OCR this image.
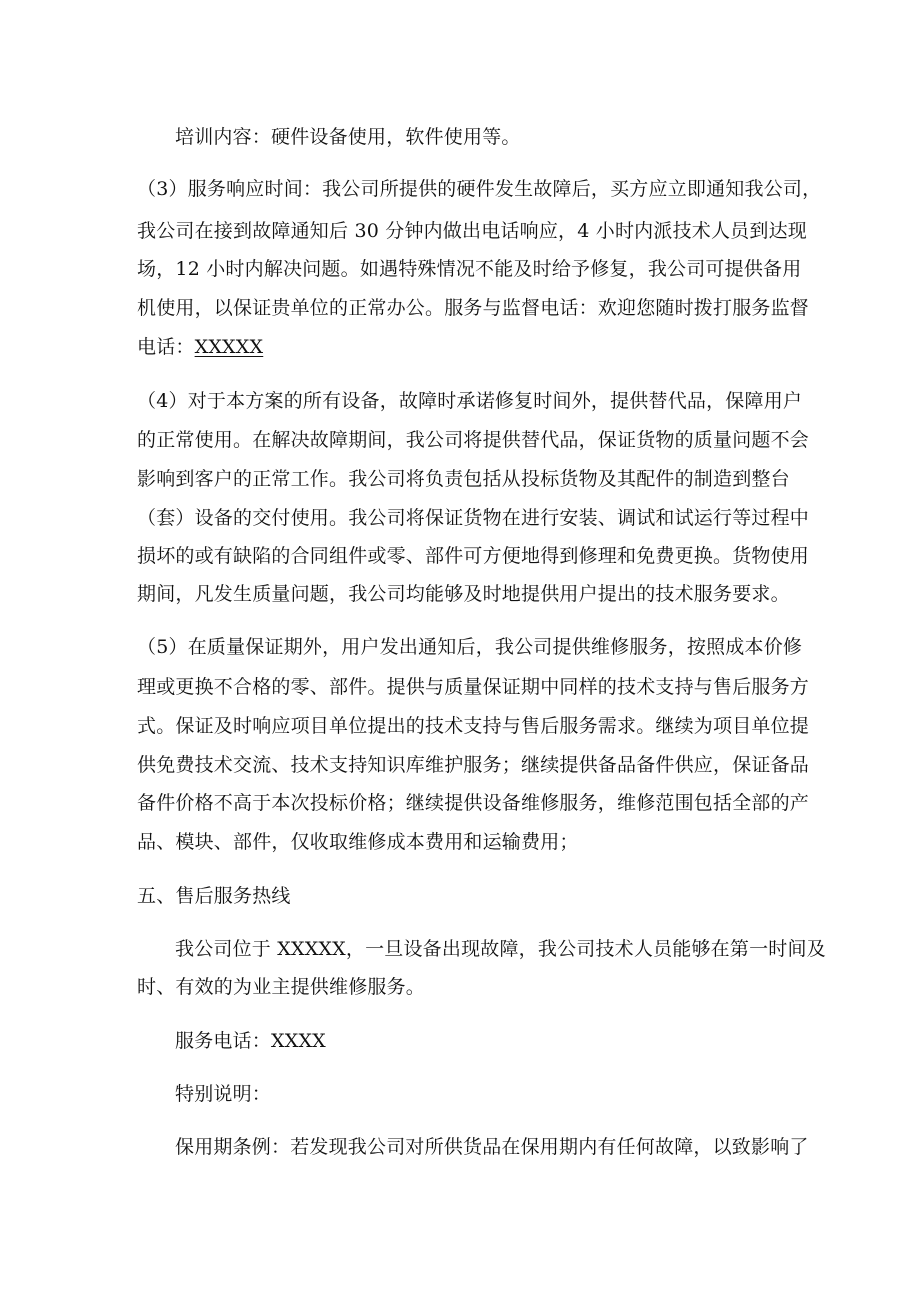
培训内容：硬件设备使用，软件使用等。
（3）服务响应时间：我公司所提供的硬件发生故障后，买方应立即通知我公司，
我公司在接到故障通知后 30 分钟内做出电话响应，4 小时内派技术人员到达现
场，12 小时内解决问题。如遇特殊情况不能及时给予修复，我公司可提供备用
机使用，以保证贵单位的正常办公。服务与监督电话：欢迎您随时拨打服务监督
电话：XXXXX
（4）对于本方案的所有设备，故障时承诺修复时间外，提供替代品，保障用户
的正常使用。在解决故障期间，我公司将提供替代品，保证货物的质量问题不会
影响到客户的正常工作。我公司将负责包括从投标货物及其配件的制造到整台
（套）设备的交付使用。我公司将保证货物在进行安装、调试和试运行等过程中
损坏的或有缺陷的合同组件或零、部件可方便地得到修理和免费更换。货物使用
期间，凡发生质量问题，我公司均能够及时地提供用户提出的技术服务要求。
（5）在质量保证期外，用户发出通知后，我公司提供维修服务，按照成本价修
理或更换不合格的零、部件。提供与质量保证期中同样的技术支持与售后服务方
式。保证及时响应项目单位提出的技术支持与售后服务需求。继续为项目单位提
供免费技术交流、技术支持知识库维护服务；继续提供备品备件供应，保证备品
备件价格不高于本次投标价格；继续提供设备维修服务，维修范围包括全部的产
品、模块、部件，仅收取维修成本费用和运输费用；
五、售后服务热线
我公司位于 XXXXX，一旦设备出现故障，我公司技术人员能够在第一时间及
时、有效的为业主提供维修服务。
服务电话：XXXX
特别说明：
保用期条例：若发现我公司对所供货品在保用期内有任何故障，以致影响了
